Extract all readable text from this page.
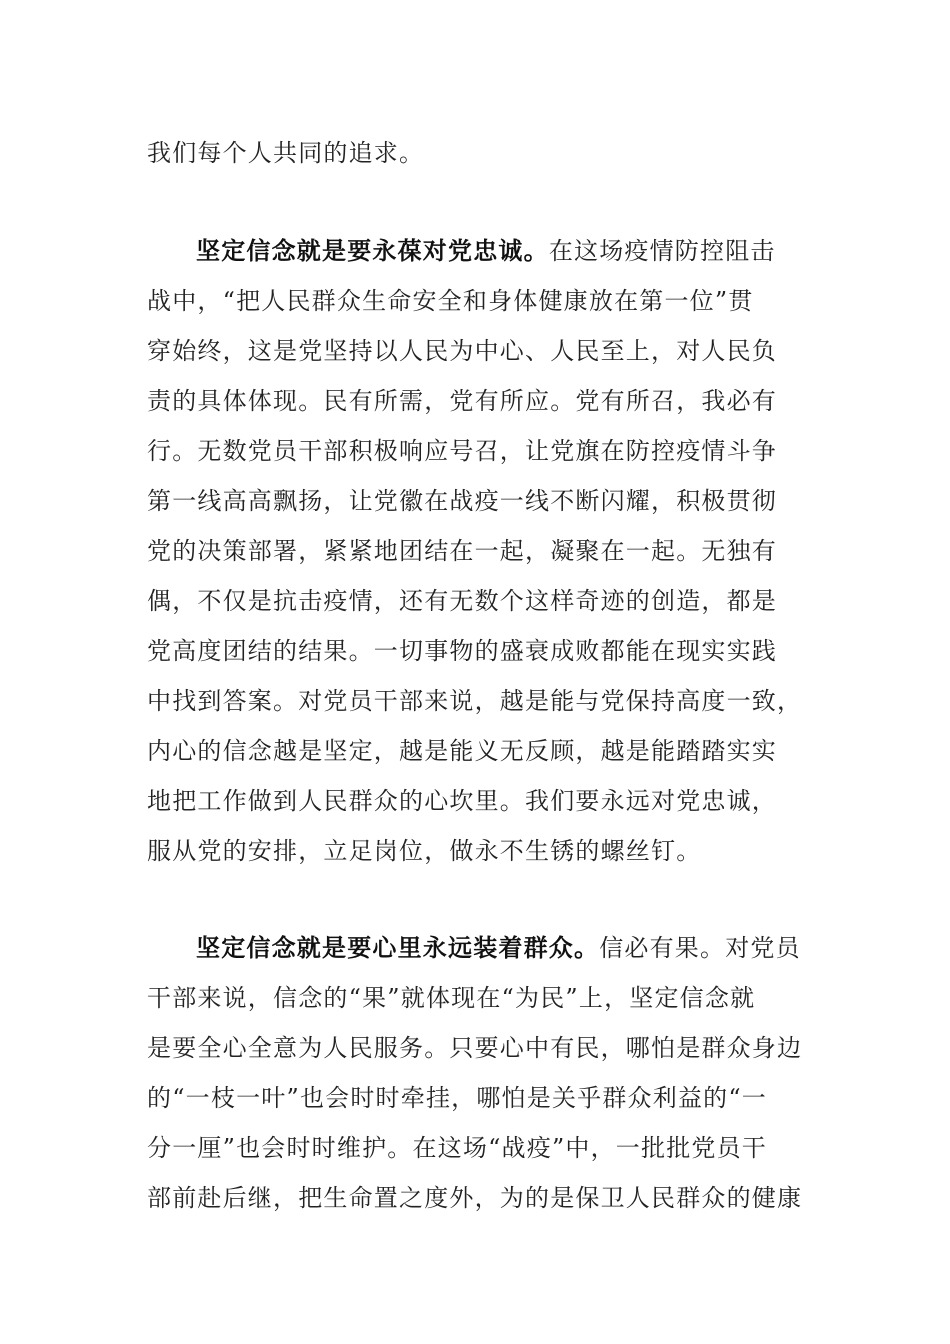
我们每个人共同的追求。
坚定信念就是要永葆对党忠诚。在这场疫情防控阻击
战中，“把人民群众生命安全和身体健康放在第一位”贯
穿始终，这是党坚持以人民为中心、人民至上，对人民负
责的具体体现。民有所需，党有所应。党有所召，我必有
行。无数党员干部积极响应号召，让党旗在防控疫情斗争
第一线高高飘扬，让党徽在战疫一线不断闪耀，积极贯彻
党的决策部署，紧紧地团结在一起，凝聚在一起。无独有
偶，不仅是抗击疫情，还有无数个这样奇迹的创造，都是
党高度团结的结果。一切事物的盛衰成败都能在现实实践
中找到答案。对党员干部来说，越是能与党保持高度一致，
内心的信念越是坚定，越是能义无反顾，越是能踏踏实实
地把工作做到人民群众的心坎里。我们要永远对党忠诚，
服从党的安排，立足岗位，做永不生锈的螺丝钉。
坚定信念就是要心里永远装着群众。信必有果。对党员
干部来说，信念的“果”就体现在“为民”上，坚定信念就
是要全心全意为人民服务。只要心中有民，哪怕是群众身边
的“一枝一叶”也会时时牵挂，哪怕是关乎群众利益的“一
分一厘”也会时时维护。在这场“战疫”中，一批批党员干
部前赴后继，把生命置之度外，为的是保卫人民群众的健康
